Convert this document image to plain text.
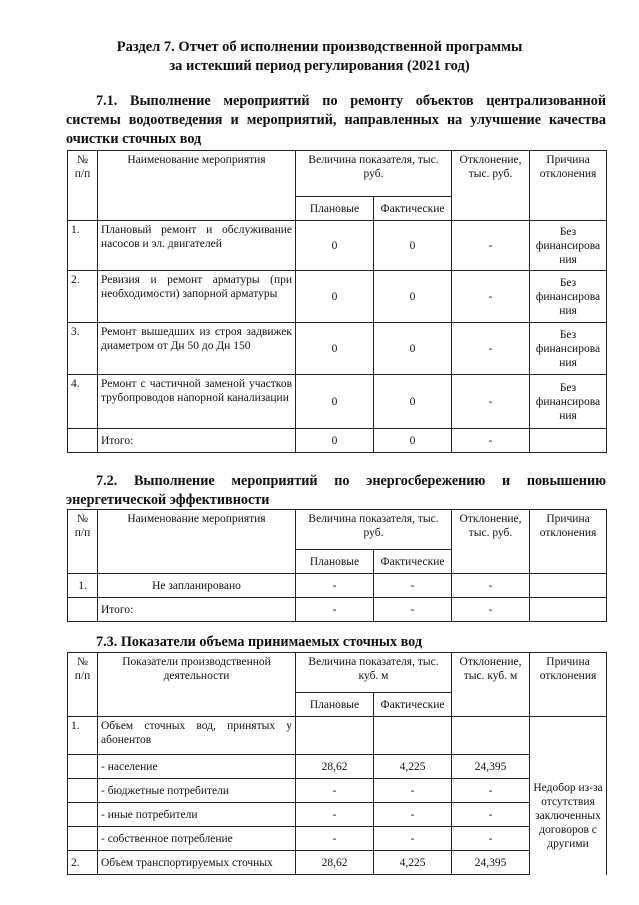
Раздел 7. Отчет об исполнении производственной программы
за истекший период регулирования (2021 год)
7.1. Выполнение мероприятий по ремонту объектов централизованной системы водоотведения и мероприятий, направленных на улучшение качества очистки сточных вод
№ п/п	Наименование мероприятия	Величина показателя, тыс. руб.		Отклонение, тыс. руб.	Причина отклонения
		Плановые	Фактические		
1.	Плановый ремонт и обслуживание насосов и эл. двигателей	0	0	-	Без финансирова ния
2.	Ревизия и ремонт арматуры (при необходимости) запорной арматуры	0	0	-	Без финансирова ния
3.	Ремонт вышедших из строя задвижек диаметром от Дн 50 до Дн 150	0	0	-	Без финансирова ния
4.	Ремонт с частичной заменой участков трубопроводов напорной канализации	0	0	-	Без финансирова ния
	Итого:	0	0	-	
7.2. Выполнение мероприятий по энергосбережению и повышению энергетической эффективности
№ п/п	Наименование мероприятия	Величина показателя, тыс. руб.		Отклонение, тыс. руб.	Причина отклонения
		Плановые	Фактические		
1.	Не запланировано	-	-	-	
	Итого:	-	-	-	
7.3. Показатели объема принимаемых сточных вод
№ п/п	Показатели производственной деятельности	Величина показателя, тыс. куб. м		Отклонение, тыс. куб. м	Причина отклонения
		Плановые	Фактические		
1.	Объем сточных вод, принятых у абонентов				Недобор из-за отсутствия заключенных договоров с другими
	- население	28,62	4,225	24,395	
	- бюджетные потребители	-	-	-	
	- иные потребители	-	-	-	
	- собственное потребление	-	-	-	
2.	Объем транспортируемых сточных	28,62	4,225	24,395	
